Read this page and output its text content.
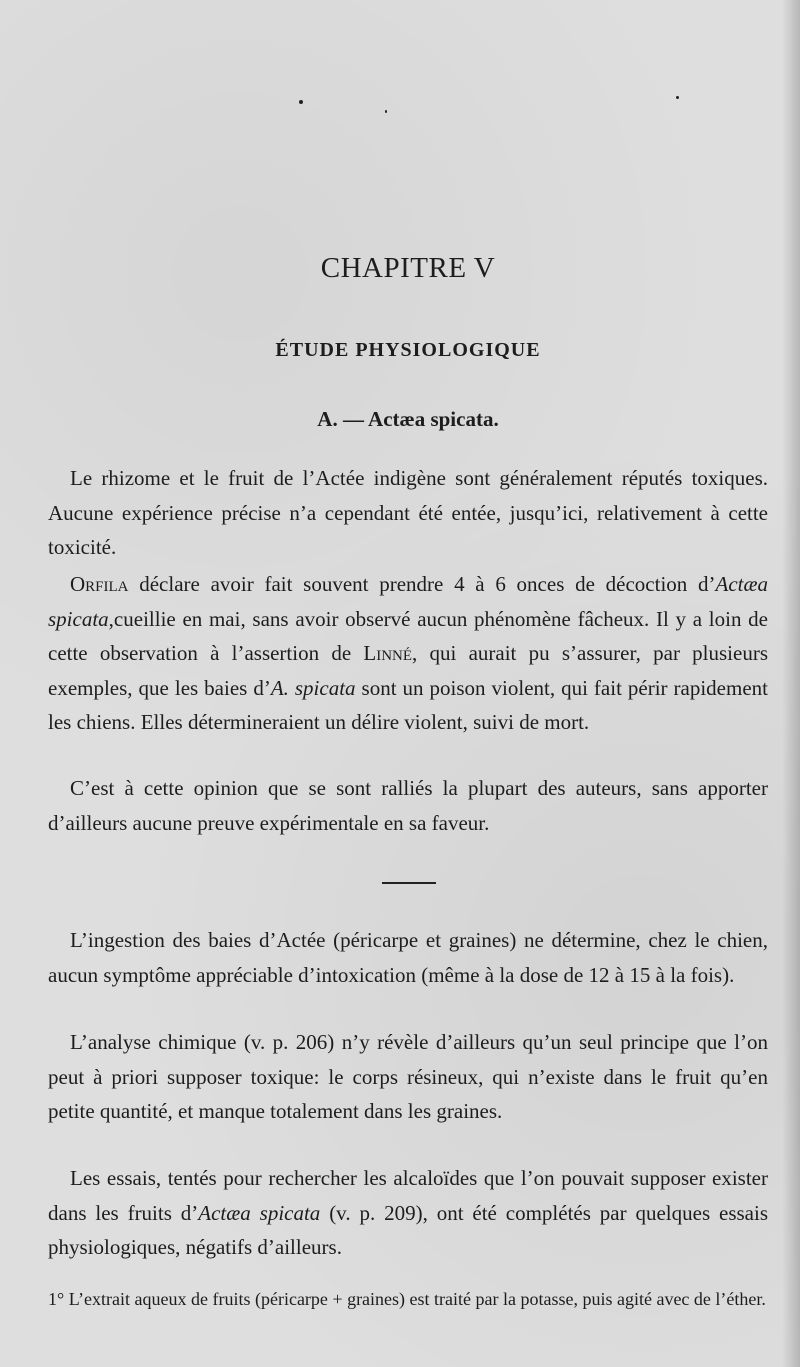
CHAPITRE V
ÉTUDE PHYSIOLOGIQUE
A. — Actæa spicata.

Le rhizome et le fruit de l’Actée indigène sont généralement réputés toxiques. Aucune expérience précise n’a cependant été entée, jusqu’ici, relativement à cette toxicité.

Orfila déclare avoir fait souvent prendre 4 à 6 onces de décoction d’Actæa spicata,cueillie en mai, sans avoir observé aucun phénomène fâcheux. Il y a loin de cette observation à l’assertion de Linné, qui aurait pu s’assurer, par plusieurs exemples, que les baies d’A. spicata sont un poison violent, qui fait périr rapidement les chiens. Elles détermineraient un délire violent, suivi de mort.

C’est à cette opinion que se sont ralliés la plupart des auteurs, sans apporter d’ailleurs aucune preuve expérimentale en sa faveur.

L’ingestion des baies d’Actée (péricarpe et graines) ne détermine, chez le chien, aucun symptôme appréciable d’intoxication (même à la dose de 12 à 15 à la fois).

L’analyse chimique (v. p. 206) n’y révèle d’ailleurs qu’un seul principe que l’on peut à priori supposer toxique: le corps résineux, qui n’existe dans le fruit qu’en petite quantité, et manque totalement dans les graines.

Les essais, tentés pour rechercher les alcaloïdes que l’on pouvait supposer exister dans les fruits d’Actæa spicata (v. p. 209), ont été complétés par quelques essais physiologiques, négatifs d’ailleurs.

1° L’extrait aqueux de fruits (péricarpe + graines) est traité par la potasse, puis agité avec de l’éther.
